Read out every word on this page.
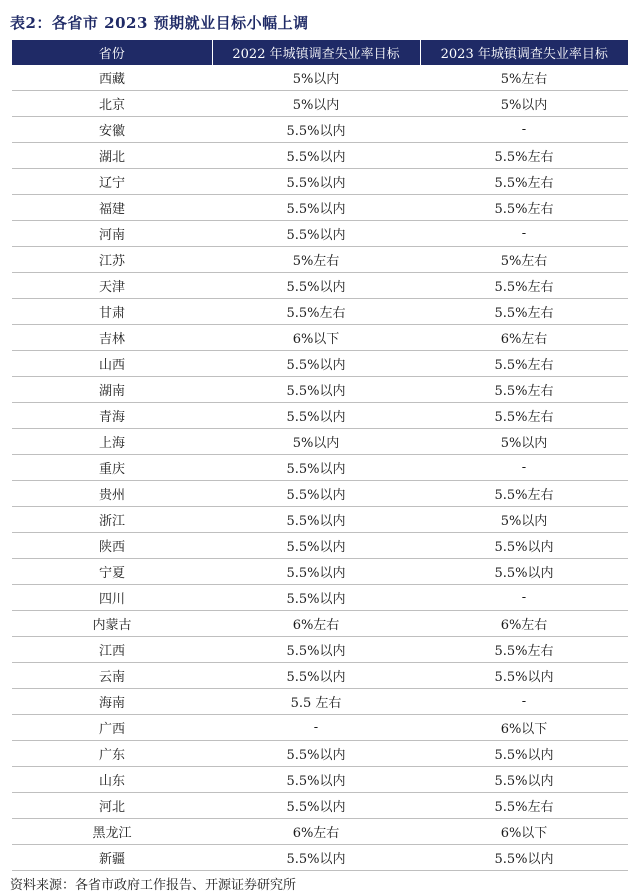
表2：各省市 2023 预期就业目标小幅上调
省份	2022 年城镇调查失业率目标	2023 年城镇调查失业率目标
西藏	5%以内	5%左右
北京	5%以内	5%以内
安徽	5.5%以内	-
湖北	5.5%以内	5.5%左右
辽宁	5.5%以内	5.5%左右
福建	5.5%以内	5.5%左右
河南	5.5%以内	-
江苏	5%左右	5%左右
天津	5.5%以内	5.5%左右
甘肃	5.5%左右	5.5%左右
吉林	6%以下	6%左右
山西	5.5%以内	5.5%左右
湖南	5.5%以内	5.5%左右
青海	5.5%以内	5.5%左右
上海	5%以内	5%以内
重庆	5.5%以内	-
贵州	5.5%以内	5.5%左右
浙江	5.5%以内	5%以内
陕西	5.5%以内	5.5%以内
宁夏	5.5%以内	5.5%以内
四川	5.5%以内	-
内蒙古	6%左右	6%左右
江西	5.5%以内	5.5%左右
云南	5.5%以内	5.5%以内
海南	5.5 左右	-
广西	-	6%以下
广东	5.5%以内	5.5%以内
山东	5.5%以内	5.5%以内
河北	5.5%以内	5.5%左右
黑龙江	6%左右	6%以下
新疆	5.5%以内	5.5%以内
资料来源：各省市政府工作报告、开源证券研究所
